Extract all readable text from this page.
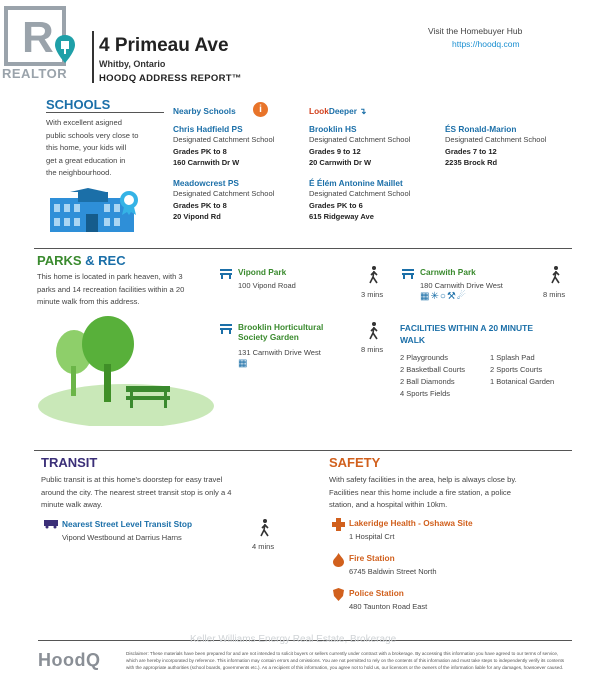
R
REALTOR
4 Primeau Ave
Whitby, Ontario
HOODQ ADDRESS REPORT™
Visit the Homebuyer Hub
https://hoodq.com
SCHOOLS
With excellent asigned
public schools very close to
this home, your kids will
get a great education in
the neighbourhood.
Nearby Schools	i	LookDeeper ↴
Chris Hadfield PS
Designated Catchment School
Grades PK to 8
160 Carnwith Dr W
Brooklin HS
Designated Catchment School
Grades 9 to 12
20 Carnwith Dr W
ÉS Ronald-Marion
Designated Catchment School
Grades 7 to 12
2235 Brock Rd
Meadowcrest PS
Designated Catchment School
Grades PK to 8
20 Vipond Rd
É Élém Antonine Maillet
Designated Catchment School
Grades PK to 6
615 Ridgeway Ave
PARKS & REC
This home is located in park heaven, with 3
parks and 14 recreation facilities within a 20
minute walk from this address.
Vipond Park
100 Vipond Road
3 mins
Carnwith Park
180 Carnwith Drive West
▦✳○⚒☄	8 mins
Brooklin Horticultural
Society Garden
131 Carnwith Drive West
▦
8 mins
FACILITIES WITHIN A 20 MINUTE
WALK
2 Playgrounds
2 Basketball Courts
2 Ball Diamonds
4 Sports Fields
1 Splash Pad
2 Sports Courts
1 Botanical Garden
TRANSIT
Public transit is at this home's doorstep for easy travel
around the city. The nearest street transit stop is only a 4
minute walk away.
Nearest Street Level Transit Stop
Vipond Westbound at Darrius Harns
4 mins
SAFETY
With safety facilities in the area, help is always close by.
Facilities near this home include a fire station, a police
station, and a hospital within 10km.
Lakeridge Health - Oshawa Site
1 Hospital Crt
Fire Station
6745 Baldwin Street North
Police Station
480 Taunton Road East
Keller Williams Energy Real Estate, Brokerage
HoodQ	Disclaimer: These materials have been prepared for and are not intended to solicit buyers or sellers currently under contract with a brokerage. By accessing this information you have agreed to our terms of service, which are hereby incorporated by reference. This information may contain errors and omissions. You are not permitted to rely on the contents of this information and must take steps to independently verify its contents with the appropriate authorities (school boards, governments etc.). As a recipient of this information, you agree not to hold us, our licensors or the owners of the information liable for any damages, howsoever caused.
